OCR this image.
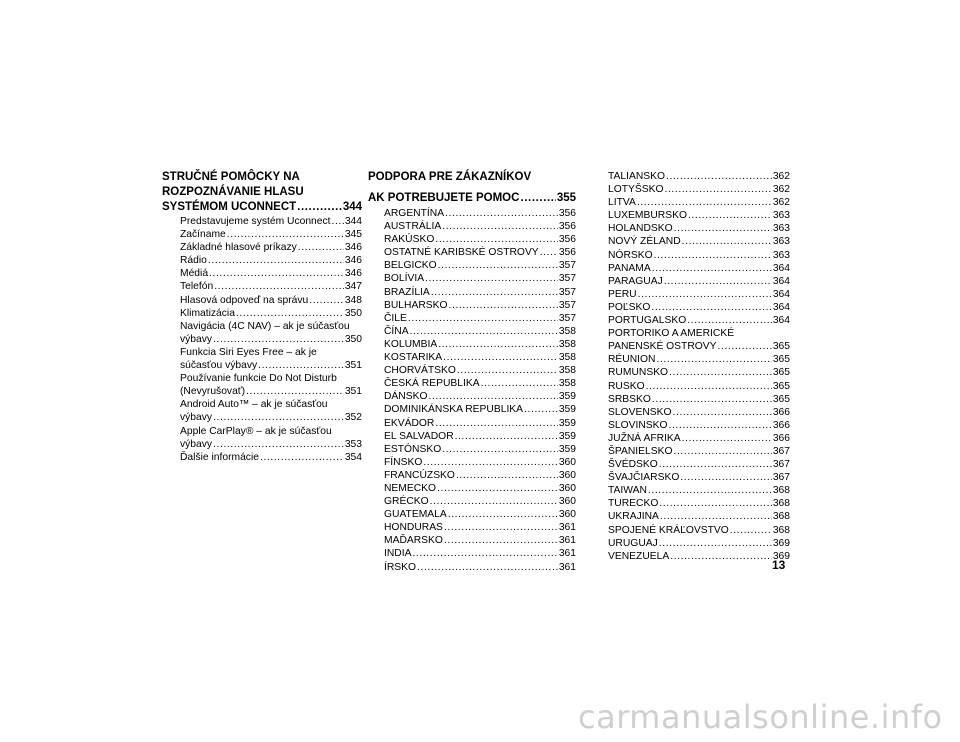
STRUČNÉ POMÔCKY NA
ROZPOZNÁVANIE HLASU
SYSTÉMOM UCONNECT .....	344
Predstavujeme systém Uconnect ..... 344
Začíname .....	345
Základné hlasové príkazy .....	346
Rádio .....	346
Médiá .....	346
Telefón .....	347
Hlasová odpoveď na správu .....	348
Klimatizácia .....	350
Navigácia (4C NAV) – ak je súčasťou
výbavy .....	350
Funkcia Siri Eyes Free – ak je
súčasťou výbavy .....	351
Používanie funkcie Do Not Disturb
(Nevyrušovať) .....	351
Android Auto™ – ak je súčasťou
výbavy .....	352
Apple CarPlay® – ak je súčasťou
výbavy .....	353
Ďalšie informácie .....	354
PODPORA PRE ZÁKAZNÍKOV
AK POTREBUJETE POMOC .....	355
ARGENTÍNA .....	356
AUSTRÁLIA .....	356
RAKÚSKO .....	356
OSTATNÉ KARIBSKÉ OSTROVY ..... 356
BELGICKO .....	357
BOLÍVIA .....	357
BRAZÍLIA .....	357
BULHARSKO .....	357
ČILE .....	357
ČÍNA .....	358
KOLUMBIA .....	358
KOSTARIKA .....	358
CHORVÁTSKO .....	358
ČESKÁ REPUBLIKA .....	358
DÁNSKO .....	359
DOMINIKÁNSKA REPUBLIKA .....	359
EKVÁDOR .....	359
EL SALVADOR .....	359
ESTÓNSKO .....	359
FÍNSKO .....	360
FRANCÚZSKO .....	360
NEMECKO .....	360
GRÉCKO .....	360
GUATEMALA .....	360
HONDURAS .....	361
MAĎARSKO .....	361
INDIA .....	361
ÍRSKO .....	361
TALIANSKO .....	362
LOTYŠSKO .....	362
LITVA .....	362
LUXEMBURSKO .....	363
HOLANDSKO .....	363
NOVÝ ZÉLAND .....	363
NÓRSKO .....	363
PANAMA .....	364
PARAGUAJ .....	364
PERU .....	364
POĽSKO .....	364
PORTUGALSKO .....	364
PORTORIKO A AMERICKÉ
PANENSKÉ OSTROVY .....	365
RÉUNION .....	365
RUMUNSKO .....	365
RUSKO .....	365
SRBSKO .....	365
SLOVENSKO .....	366
SLOVINSKO .....	366
JUŽNÁ AFRIKA .....	366
ŠPANIELSKO .....	367
ŠVÉDSKO .....	367
ŠVAJČIARSKO .....	367
TAIWAN .....	368
TURECKO .....	368
UKRAJINA .....	368
SPOJENÉ KRÁĽOVSTVO .....	368
URUGUAJ .....	369
VENEZUELA .....	369
13
carmanualsonline.info
